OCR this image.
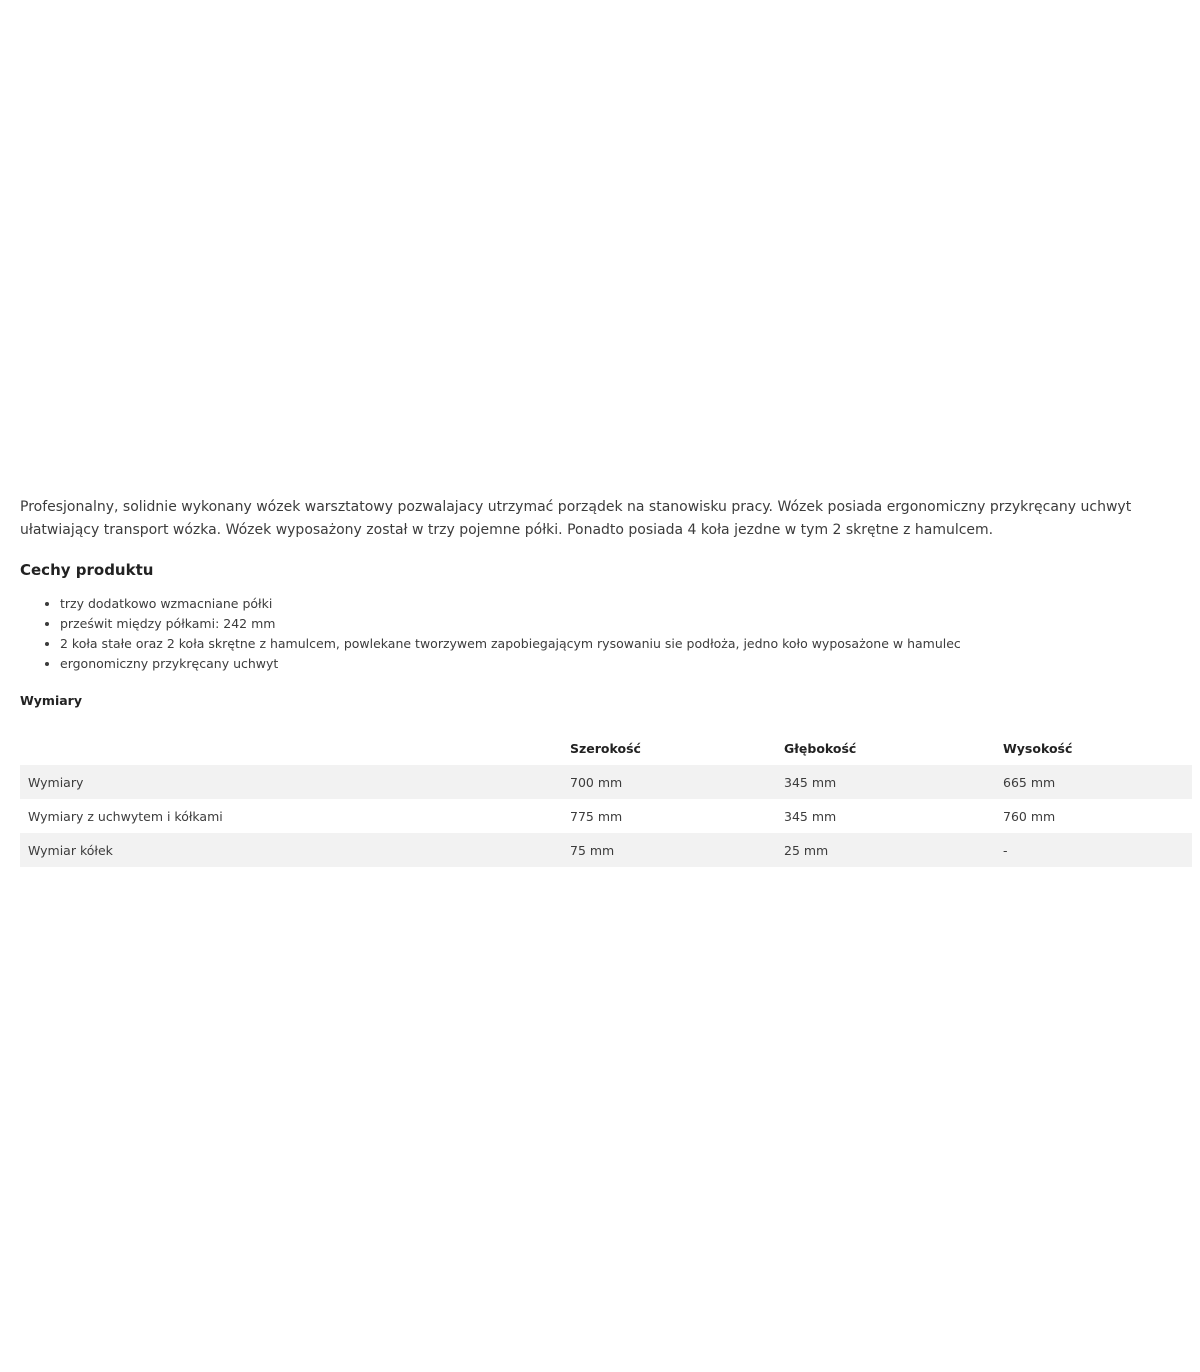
Profesjonalny, solidnie wykonany wózek warsztatowy pozwalajacy utrzymać porządek na stanowisku pracy. Wózek posiada ergonomiczny przykręcany uchwyt ułatwiający transport wózka. Wózek wyposażony został w trzy pojemne półki. Ponadto posiada 4 koła jezdne w tym 2 skrętne z hamulcem.

Cechy produktu
• trzy dodatkowo wzmacniane półki
• prześwit między półkami: 242 mm
• 2 koła stałe oraz 2 koła skrętne z hamulcem, powlekane tworzywem zapobiegającym rysowaniu sie podłoża, jedno koło wyposażone w hamulec
• ergonomiczny przykręcany uchwyt
Wymiary
	Szerokość	Głębokość	Wysokość
Wymiary	700 mm	345 mm	665 mm
Wymiary z uchwytem i kółkami	775 mm	345 mm	760 mm
Wymiar kółek	75 mm	25 mm	-
